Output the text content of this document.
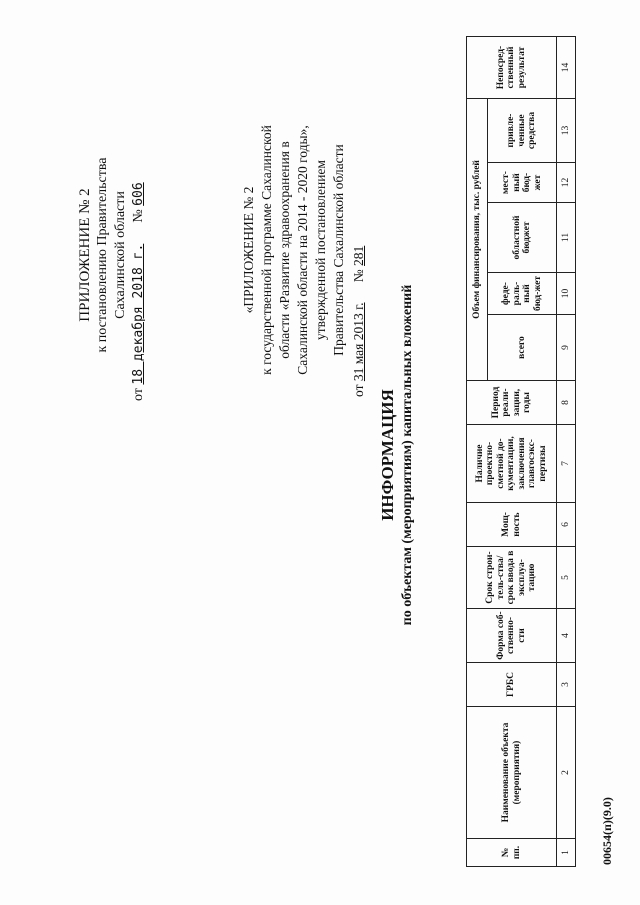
ПРИЛОЖЕНИЕ № 2 к постановлению Правительства Сахалинской области
от 18 декабря 2018 г.      № 606	«ПРИЛОЖЕНИЕ № 2 к государственной программе Сахалинской области «Развитие здравоохранения в Сахалинской области на 2014 - 2020 годы», утвержденной постановлением Правительства Сахалинской области
от 31 мая 2013 г.      № 281
ИНФОРМАЦИЯ по объектам (мероприятиям) капитальных вложений
№ пп.	Наименование объекта (мероприятия)	ГРБС	Форма соб-ственно-сти	Срок строи-тель-ства/срок ввода в эксплуа-тацию	Мощ-ность	Наличие проектно-сметной до-кументации, заключения главгосэкс-пертизы	Период реали-зации, годы	Объем финансирования, тыс. рублей					Непосред-ственный результат
								всего	феде-раль-ный бюд-жет	областной бюджет	мест-ный бюд-жет	привле-ченные средства	
1	2	3	4	5	6	7	8	9	10	11	12	13	14
00654(п)(9.0)
